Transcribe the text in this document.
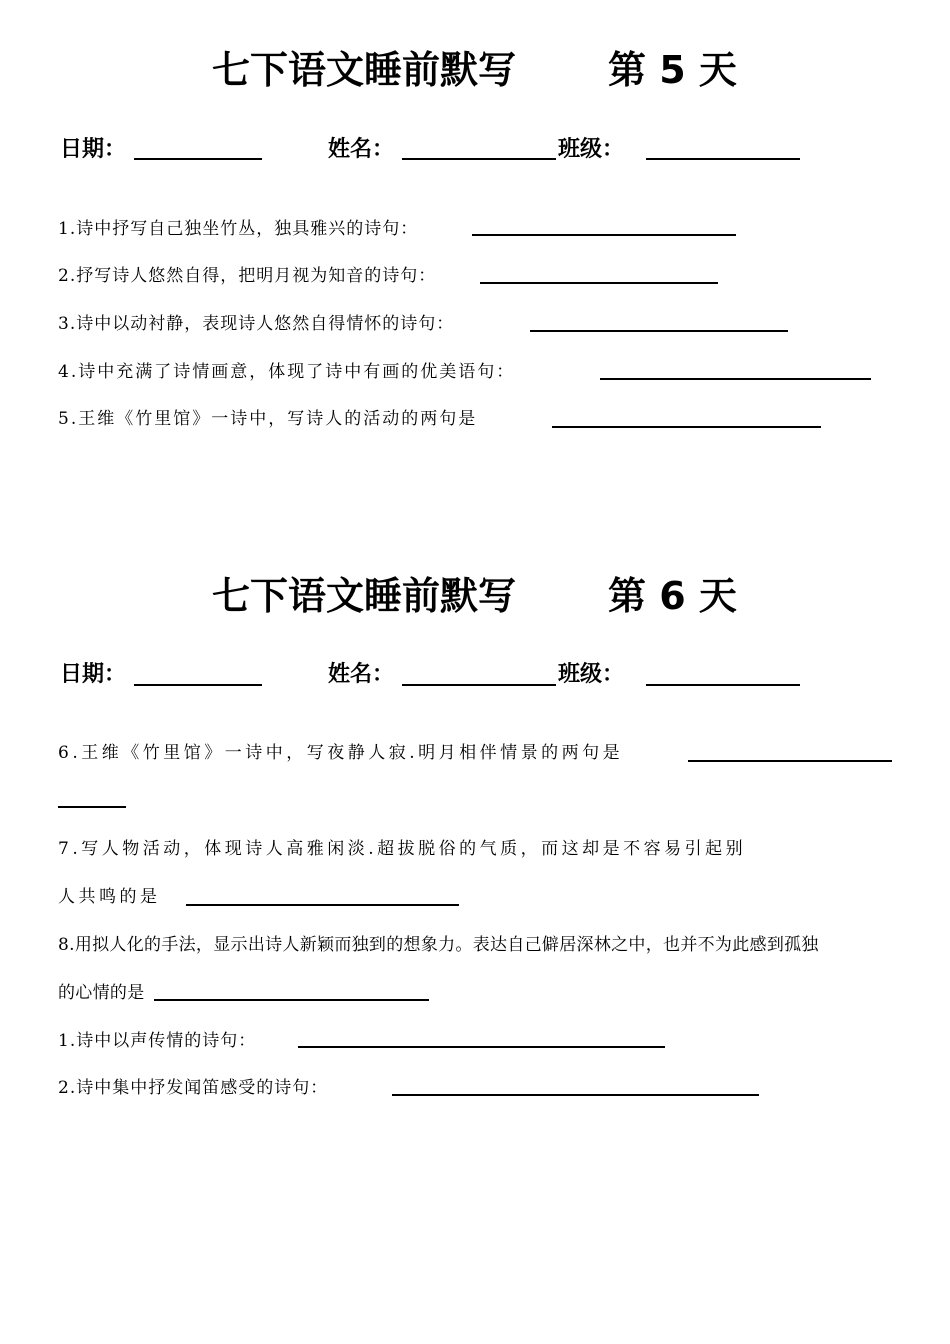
七下语文睡前默写 第 5 天
日期：	姓名：	班级：
1.诗中抒写自己独坐竹丛，独具雅兴的诗句：
2.抒写诗人悠然自得，把明月视为知音的诗句：
3.诗中以动衬静，表现诗人悠然自得情怀的诗句：
4.诗中充满了诗情画意，体现了诗中有画的优美语句：
5.王维《竹里馆》一诗中，写诗人的活动的两句是
七下语文睡前默写 第 6 天
日期：	姓名：	班级：
6.王维《竹里馆》一诗中，写夜静人寂.明月相伴情景的两句是
7.写人物活动，体现诗人高雅闲淡.超拔脱俗的气质，而这却是不容易引起别
人共鸣的是
8.用拟人化的手法，显示出诗人新颖而独到的想象力。表达自己僻居深林之中，也并不为此感到孤独
的心情的是
1.诗中以声传情的诗句：
2.诗中集中抒发闻笛感受的诗句：
